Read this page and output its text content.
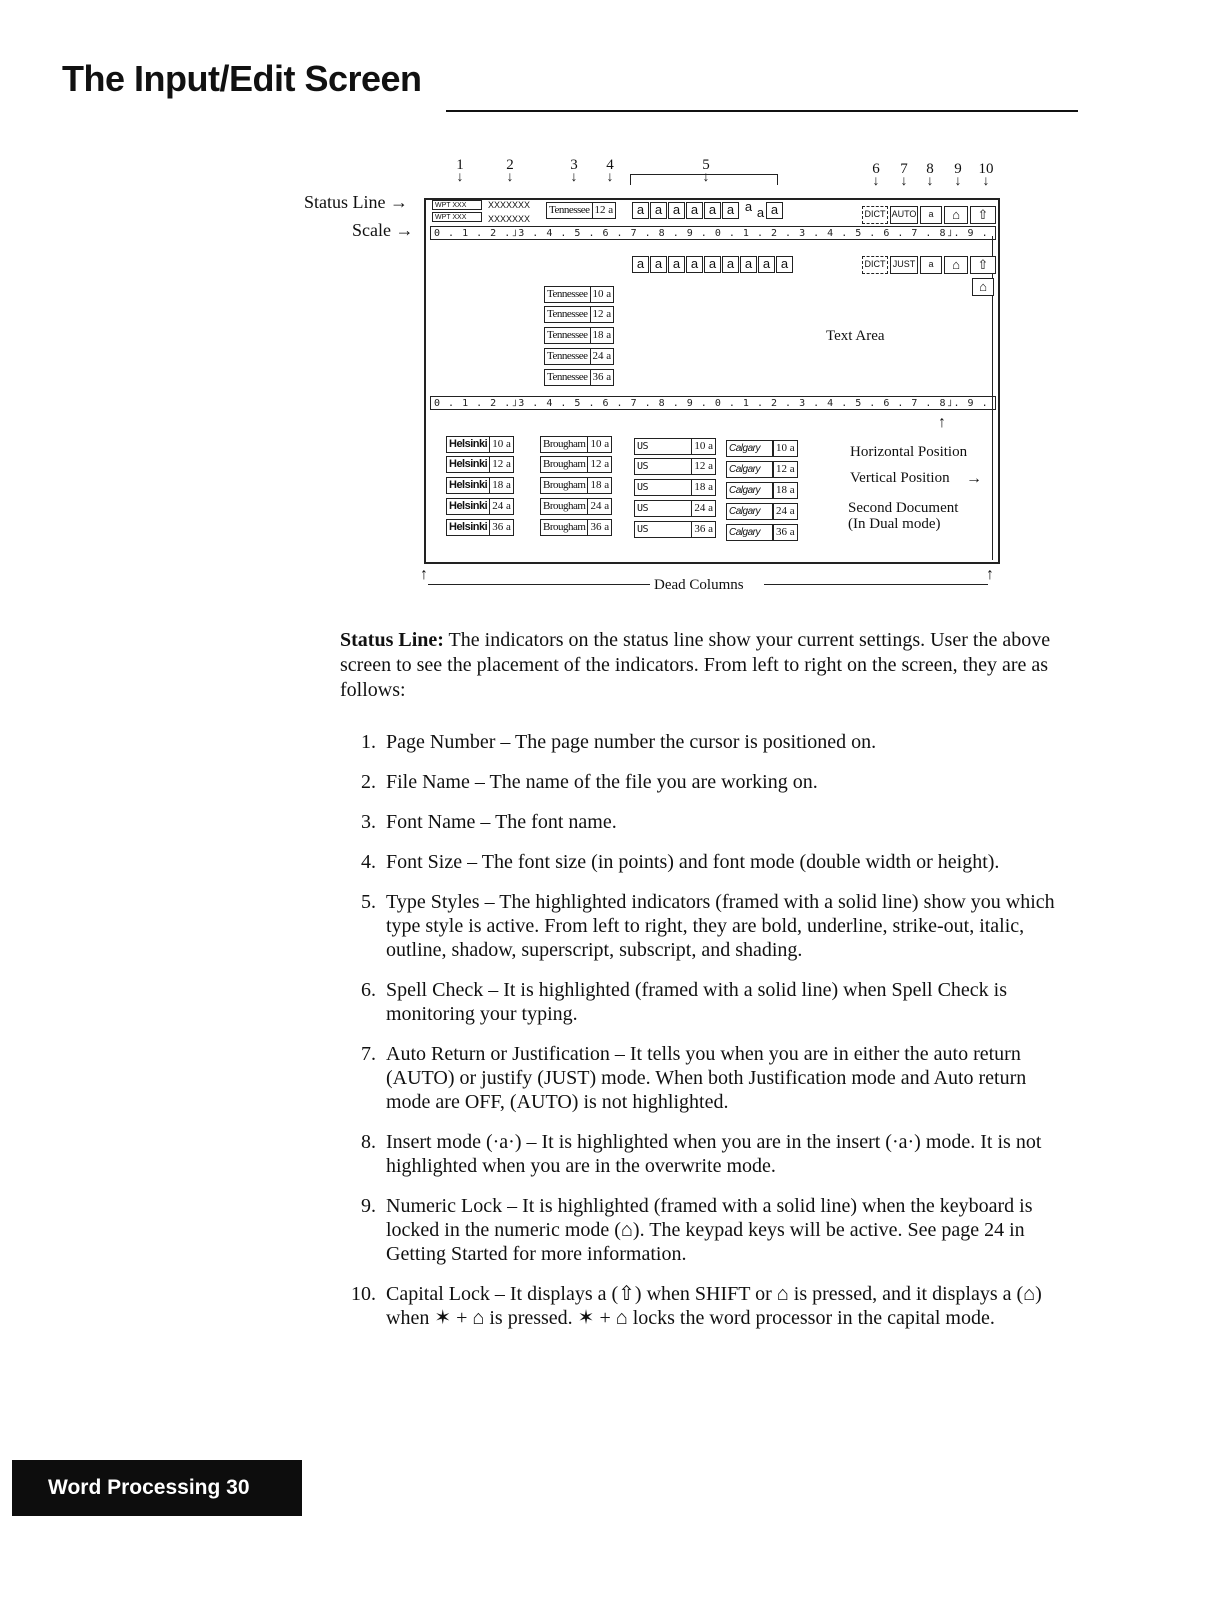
The Input/Edit Screen
1
↓
2
↓
3
↓
4
↓
5
↓
6
↓
7
↓
8
↓
9
↓
10
↓
Status Line →
Scale →
WPT XXX
WPT XXX
XXXXXXX
XXXXXXX
Tennessee 12 a	a a a a a a a a a	DICT AUTO	a	⌂	⇧
0 . 1 . 2 .˩3 . 4 . 5 . 6 . 7 . 8 . 9 . 0 . 1 . 2 . 3 . 4 . 5 . 6 . 7 . 8˩. 9 .
a a a a a a a a a	DICT JUST	a	⌂	⇧
⌂
Tennessee 10 a
Tennessee 12 a
Tennessee 18 a
Tennessee 24 a
Tennessee 36 a
Text Area
0 . 1 . 2 .˩3 . 4 . 5 . 6 . 7 . 8 . 9 . 0 . 1 . 2 . 3 . 4 . 5 . 6 . 7 . 8˩. 9 .
Helsinki 10 a
Helsinki 12 a
Helsinki 18 a
Helsinki 24 a
Helsinki 36 a
Brougham 10 a
Brougham 12 a
Brougham 18 a
Brougham 24 a
Brougham 36 a
US	10 a
US	12 a
US	18 a
US	24 a
US	36 a
Calgary	10 a
Calgary	12 a
Calgary	18 a
Calgary	24 a
Calgary	36 a
↑
Horizontal Position
Vertical Position →
Second Document
(In Dual mode)
↑
Dead Columns
↑
Status Line: The indicators on the status line show your current settings. User the above screen to see the placement of the indicators. From left to right on the screen, they are as follows:
1. Page Number – The page number the cursor is positioned on.
2. File Name – The name of the file you are working on.
3. Font Name – The font name.
4. Font Size – The font size (in points) and font mode (double width or height).
5. Type Styles – The highlighted indicators (framed with a solid line) show you which type style is active. From left to right, they are bold, underline, strike-out, italic, outline, shadow, superscript, subscript, and shading.
6. Spell Check – It is highlighted (framed with a solid line) when Spell Check is monitoring your typing.
7. Auto Return or Justification – It tells you when you are in either the auto return (AUTO) or justify (JUST) mode. When both Justification mode and Auto return mode are OFF, (AUTO) is not highlighted.
8. Insert mode (·a·) – It is highlighted when you are in the insert (·a·) mode. It is not highlighted when you are in the overwrite mode.
9. Numeric Lock – It is highlighted (framed with a solid line) when the keyboard is locked in the numeric mode (⌂). The keypad keys will be active. See page 24 in Getting Started for more information.
10. Capital Lock – It displays a (⇧) when SHIFT or ⌂ is pressed, and it displays a (⌂) when ✶ + ⌂ is pressed. ✶ + ⌂ locks the word processor in the capital mode.
Word Processing 30
